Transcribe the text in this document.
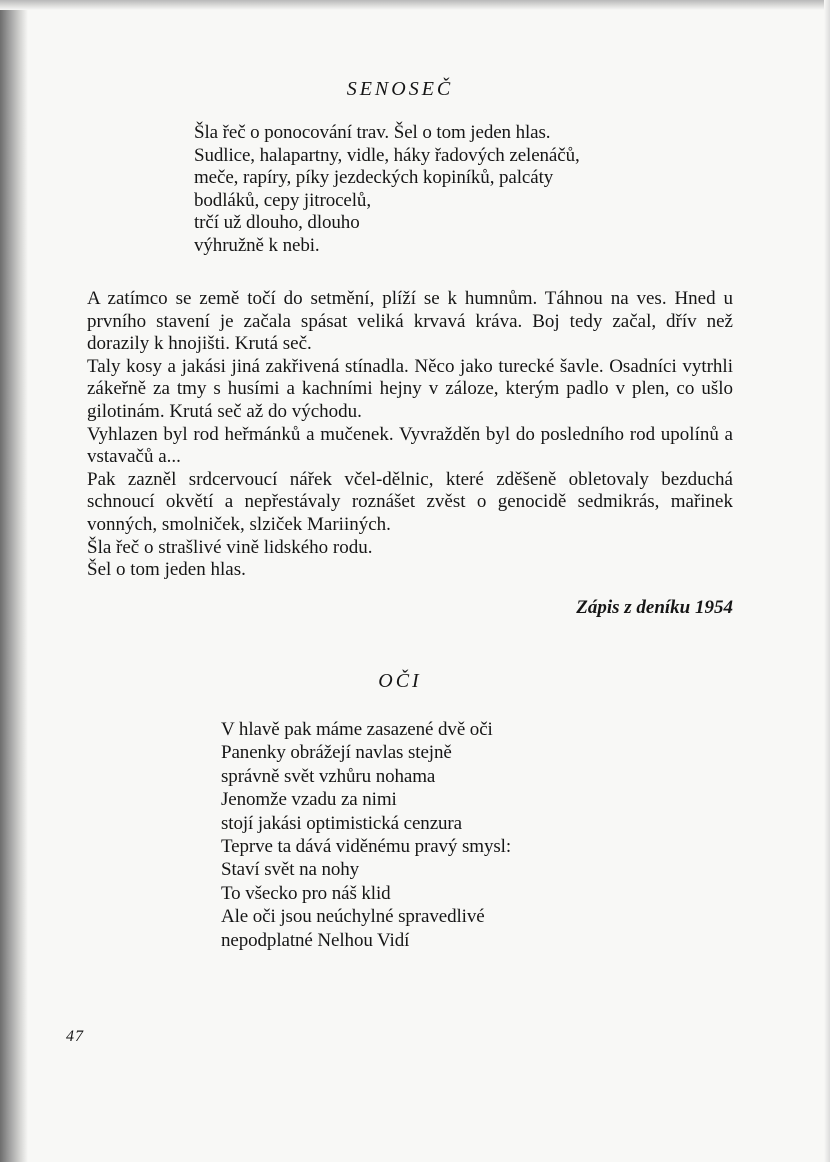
SENOSEČ
Šla řeč o ponocování trav. Šel o tom jeden hlas.
Sudlice, halapartny, vidle, háky řadových zelenáčů,
meče, rapíry, píky jezdeckých kopiníků, palcáty
bodláků, cepy jitrocelů,
trčí už dlouho, dlouho
výhružně k nebi.

A zatímco se země točí do setmění, plíží se k humnům. Táhnou na ves. Hned u prvního stavení je začala spásat veliká krvavá kráva. Boj tedy začal, dřív než dorazily k hnojišti. Krutá seč.

Taly kosy a jakási jiná zakřivená stínadla. Něco jako turecké šavle. Osadníci vytrhli zákeřně za tmy s husími a kachními hejny v záloze, kterým padlo v plen, co ušlo gilotinám. Krutá seč až do východu.

Vyhlazen byl rod heřmánků a mučenek. Vyvražděn byl do posledního rod upolínů a vstavačů a...

Pak zazněl srdcervoucí nářek včel-dělnic, které zděšeně obletovaly bezduchá schnoucí okvětí a nepřestávaly roznášet zvěst o genocidě sedmikrás, mařinek vonných, smolniček, slziček Mariiných.

Šla řeč o strašlivé vině lidského rodu.

Šel o tom jeden hlas.

Zápis z deníku 1954
OČI
V hlavě pak máme zasazené dvě oči
Panenky obrážejí navlas stejně
správně svět vzhůru nohama
Jenomže vzadu za nimi
stojí jakási optimistická cenzura
Teprve ta dává viděnému pravý smysl:
Staví svět na nohy
To všecko pro náš klid
Ale oči jsou neúchylné spravedlivé
nepodplatné Nelhou Vidí
47
